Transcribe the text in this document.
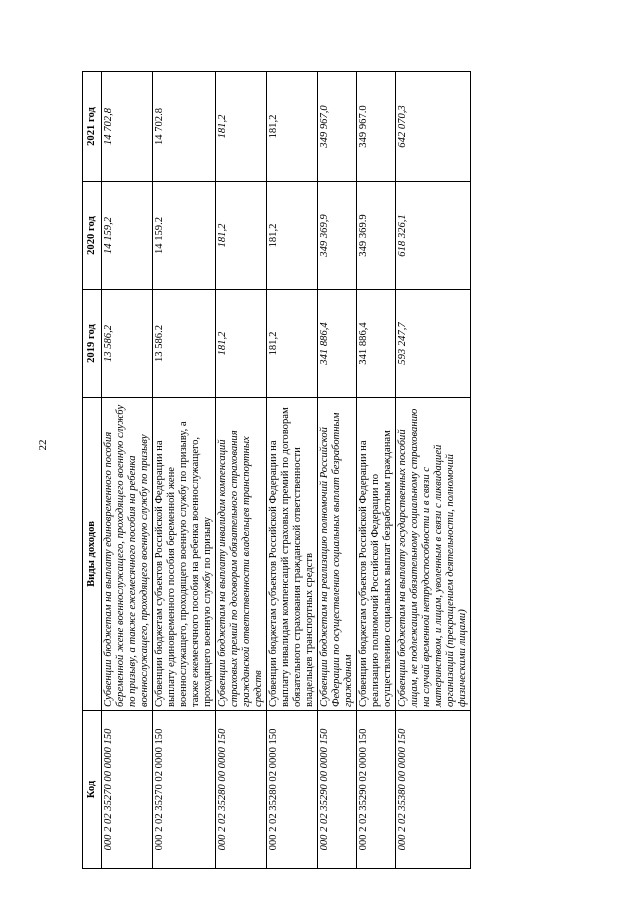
22
Код	Виды доходов	2019 год	2020 год	2021 год
000 2 02 35270 00 0000 150	Субвенции бюджетам на выплату единовременного пособия беременной жене военнослужащего, проходящего военную службу по призыву, а также ежемесячного пособия на ребенка военнослужащего, проходящего военную службу по призыву	13 586,2	14 159,2	14 702,8
000 2 02 35270 02 0000 150	Субвенции бюджетам субъектов Российской Федерации на выплату единовременного пособия беременной жене военнослужащего, проходящего военную службу по призыву, а также ежемесячного пособия на ребенка военнослужащего, проходящего военную службу по призыву	13 586.2	14 159.2	14 702.8
000 2 02 35280 00 0000 150	Субвенции бюджетам на выплату инвалидам компенсаций страховых премий по договорам обязательного страхования гражданской ответственности владельцев транспортных средств	181,2	181,2	181,2
000 2 02 35280 02 0000 150	Субвенции бюджетам субъектов Российской Федерации на выплату инвалидам компенсаций страховых премий по договорам обязательного страхования гражданской ответственности владельцев транспортных средств	181,2	181,2	181,2
000 2 02 35290 00 0000 150	Субвенции бюджетам на реализацию полномочий Российской Федерации по осуществлению социальных выплат безработным гражданам	341 886,4	349 369,9	349 967,0
000 2 02 35290 02 0000 150	Субвенции бюджетам субъектов Российской Федерации на реализацию полномочий Российской Федерации по осуществлению социальных выплат безработным гражданам	341 886,4	349 369.9	349 967.0
000 2 02 35380 00 0000 150	Субвенции бюджетам на выплату государственных пособий лицам, не подлежащим обязательному социальному страхованию на случай временной нетрудоспособности и в связи с материнством, и лицам, уволенным в связи с ликвидацией организаций (прекращением деятельности, полномочий физическими лицами)	593 247,7	618 326,1	642 070,3
